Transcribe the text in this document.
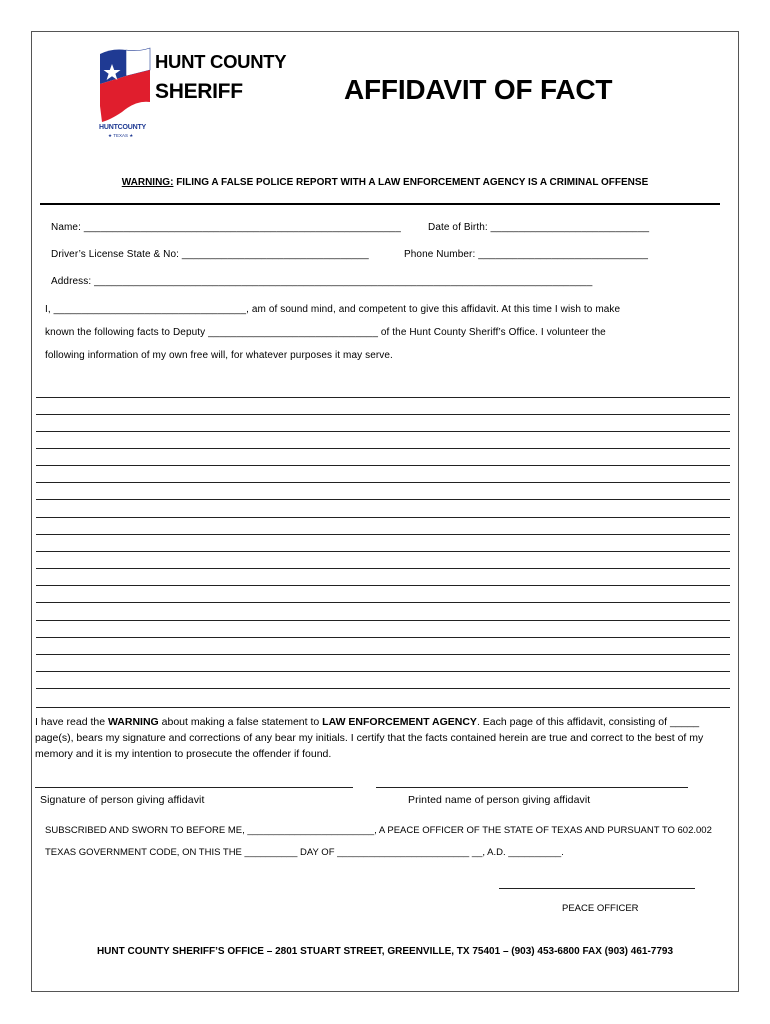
HUNTCOUNTY
★ TEXAS ★
HUNT COUNTY
SHERIFF	AFFIDAVIT OF FACT
WARNING: FILING A FALSE POLICE REPORT WITH A LAW ENFORCEMENT AGENCY IS A CRIMINAL OFFENSE
Name: ________________________________________________________	Date of Birth: ____________________________
Driver’s License State & No: _________________________________	Phone Number: ______________________________
Address: ________________________________________________________________________________________
I, __________________________________, am of sound mind, and competent to give this affidavit. At this time I wish to make
known the following facts to Deputy ______________________________ of the Hunt County Sheriff’s Office. I volunteer the
following information of my own free will, for whatever purposes it may serve.
I have read the WARNING about making a false statement to LAW ENFORCEMENT AGENCY. Each page of this affidavit, consisting of _____ page(s), bears my signature and corrections of any bear my initials. I certify that the facts contained herein are true and correct to the best of my memory and it is my intention to prosecute the offender if found.
Signature of person giving affidavit	Printed name of person giving affidavit
SUBSCRIBED AND SWORN TO BEFORE ME, ________________________, A PEACE OFFICER OF THE STATE OF TEXAS AND PURSUANT TO 602.002
TEXAS GOVERNMENT CODE, ON THIS THE __________ DAY OF _________________________ __, A.D. __________.
PEACE OFFICER
HUNT COUNTY SHERIFF’S OFFICE – 2801 STUART STREET, GREENVILLE, TX 75401 – (903) 453-6800 FAX (903) 461-7793
